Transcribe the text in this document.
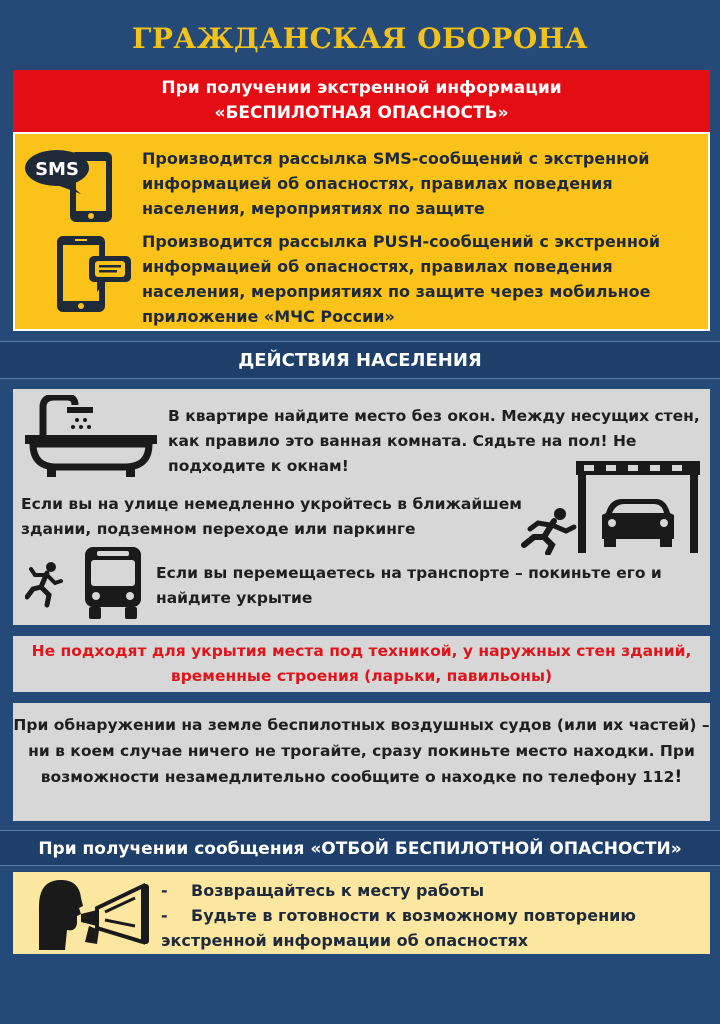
ГРАЖДАНСКАЯ ОБОРОНА
При получении экстренной информации
«БЕСПИЛОТНАЯ ОПАСНОСТЬ»
SMS
Производится рассылка SMS-сообщений с экстренной информацией об опасностях, правилах поведения населения, мероприятиях по защите
Производится рассылка PUSH-сообщений с экстренной информацией об опасностях, правилах поведения населения, мероприятиях по защите через мобильное приложение «МЧС России»
ДЕЙСТВИЯ НАСЕЛЕНИЯ
В квартире найдите место без окон. Между несущих стен, как правило это ванная комната. Сядьте на пол! Не подходите к окнам!
Если вы на улице немедленно укройтесь в ближайшем здании, подземном переходе или паркинге
Если вы перемещаетесь на транспорте – покиньте его и найдите укрытие
Не подходят для укрытия места под техникой, у наружных стен зданий,
временные строения (ларьки, павильоны)
При обнаружении на земле беспилотных воздушных судов (или их частей) – ни в коем случае ничего не трогайте, сразу покиньте место находки. При возможности незамедлительно сообщите о находке по телефону 112!
При получении сообщения «ОТБОЙ БЕСПИЛОТНОЙ ОПАСНОСТИ»
- Возвращайтесь к месту работы
- Будьте в готовности к возможному повторению экстренной информации об опасностях
